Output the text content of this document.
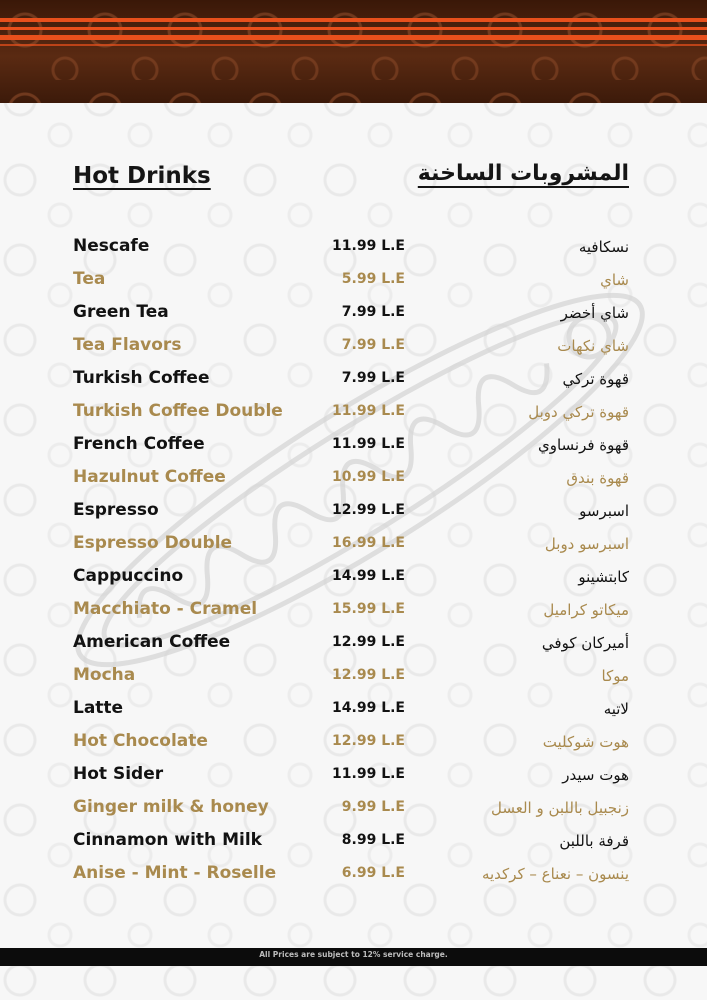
Hot Drinks	المشروبات الساخنة
Nescafe	11.99 L.E	نسكافيه
Tea	5.99 L.E	شاي
Green Tea	7.99 L.E	شاي أخضر
Tea Flavors	7.99 L.E	شاي نكهات
Turkish Coffee	7.99 L.E	قهوة تركي
Turkish Coffee Double	11.99 L.E	قهوة تركي دوبل
French Coffee	11.99 L.E	قهوة فرنساوي
Hazulnut Coffee	10.99 L.E	قهوة بندق
Espresso	12.99 L.E	اسبرسو
Espresso Double	16.99 L.E	اسبرسو دوبل
Cappuccino	14.99 L.E	كابتشينو
Macchiato - Cramel	15.99 L.E	ميكاتو كراميل
American Coffee	12.99 L.E	أميركان كوفي
Mocha	12.99 L.E	موكا
Latte	14.99 L.E	لاتيه
Hot Chocolate	12.99 L.E	هوت شوكليت
Hot Sider	11.99 L.E	هوت سيدر
Ginger milk & honey	9.99 L.E	زنجبيل باللبن و العسل
Cinnamon with Milk	8.99 L.E	قرفة باللبن
Anise - Mint - Roselle	6.99 L.E	ينسون – نعناع – كركديه
All Prices are subject to 12% service charge.
